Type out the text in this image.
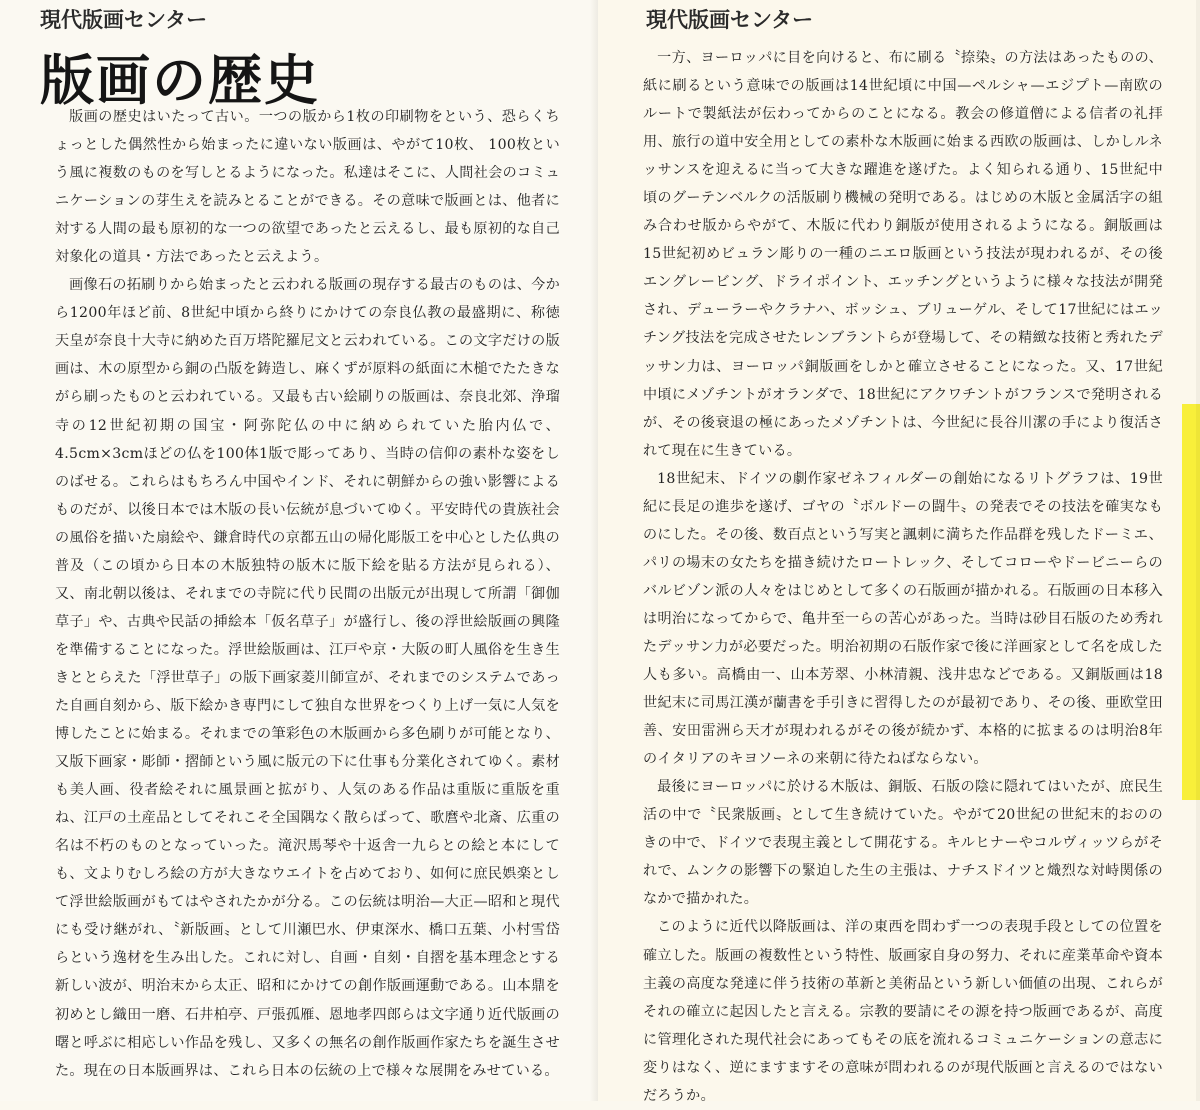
現代版画センター
版画の歴史

版画の歴史はいたって古い。一つの版から1枚の印刷物をという、恐らくちょっとした偶然性から始まったに違いない版画は、やがて10枚、 100枚という風に複数のものを写しとるようになった。私達はそこに、人間社会のコミュニケーションの芽生えを読みとることができる。その意味で版画とは、他者に対する人間の最も原初的な一つの欲望であったと云えるし、最も原初的な自己対象化の道具・方法であったと云えよう。

画像石の拓刷りから始まったと云われる版画の現存する最古のものは、今から1200年ほど前、8世紀中頃から終りにかけての奈良仏教の最盛期に、称徳天皇が奈良十大寺に納めた百万塔陀羅尼文と云われている。この文字だけの版画は、木の原型から銅の凸版を鋳造し、麻くずが原料の紙面に木槌でたたきながら刷ったものと云われている。又最も古い絵刷りの版画は、奈良北郊、浄瑠寺の12世紀初期の国宝・阿弥陀仏の中に納められていた胎内仏で、4.5cm×3cmほどの仏を100体1版で彫ってあり、当時の信仰の素朴な姿をしのばせる。これらはもちろん中国やインド、それに朝鮮からの強い影響によるものだが、以後日本では木版の長い伝統が息づいてゆく。平安時代の貴族社会の風俗を描いた扇絵や、鎌倉時代の京都五山の帰化彫版工を中心とした仏典の普及（この頃から日本の木版独特の版木に版下絵を貼る方法が見られる）、又、南北朝以後は、それまでの寺院に代り民間の出版元が出現して所謂「御伽草子」や、古典や民話の挿絵本「仮名草子」が盛行し、後の浮世絵版画の興隆を準備することになった。浮世絵版画は、江戸や京・大阪の町人風俗を生き生きととらえた「浮世草子」の版下画家菱川師宣が、それまでのシステムであった自画自刻から、版下絵かき専門にして独自な世界をつくり上げ一気に人気を博したことに始まる。それまでの筆彩色の木版画から多色刷りが可能となり、又版下画家・彫師・摺師という風に版元の下に仕事も分業化されてゆく。素材も美人画、役者絵それに風景画と拡がり、人気のある作品は重版に重版を重ね、江戸の土産品としてそれこそ全国隅なく散らばって、歌麿や北斎、広重の名は不朽のものとなっていった。滝沢馬琴や十返舎一九らとの絵と本にしても、文よりむしろ絵の方が大きなウエイトを占めており、如何に庶民娯楽として浮世絵版画がもてはやされたかが分る。この伝統は明治—大正—昭和と現代にも受け継がれ、〝新版画〟として川瀬巴水、伊東深水、橋口五葉、小村雪岱らという逸材を生み出した。これに対し、自画・自刻・自摺を基本理念とする新しい波が、明治末から太正、昭和にかけての創作版画運動である。山本鼎を初めとし織田一磨、石井柏亭、戸張孤雁、恩地孝四郎らは文字通り近代版画の曙と呼ぶに相応しい作品を残し、又多くの無名の創作版画作家たちを誕生させた。現在の日本版画界は、これら日本の伝統の上で様々な展開をみせている。

現代版画センター

一方、ヨーロッパに目を向けると、布に刷る〝捺染〟の方法はあったものの、紙に刷るという意味での版画は14世紀頃に中国—ペルシャ—エジプト—南欧のルートで製紙法が伝わってからのことになる。教会の修道僧による信者の礼拝用、旅行の道中安全用としての素朴な木版画に始まる西欧の版画は、しかしルネッサンスを迎えるに当って大きな躍進を遂げた。よく知られる通り、15世紀中頃のグーテンベルクの活版刷り機械の発明である。はじめの木版と金属活字の組み合わせ版からやがて、木版に代わり銅版が使用されるようになる。銅版画は15世紀初めビュラン彫りの一種のニエロ版画という技法が現われるが、その後エングレービング、ドライポイント、エッチングというように様々な技法が開発され、デューラーやクラナハ、ボッシュ、ブリューゲル、そして17世紀にはエッチング技法を完成させたレンブラントらが登場して、その精緻な技術と秀れたデッサン力は、ヨーロッパ銅版画をしかと確立させることになった。又、17世紀中頃にメゾチントがオランダで、18世紀にアクワチントがフランスで発明されるが、その後衰退の極にあったメゾチントは、今世紀に長谷川潔の手により復活されて現在に生きている。

18世紀末、ドイツの劇作家ゼネフィルダーの創始になるリトグラフは、19世紀に長足の進歩を遂げ、ゴヤの〝ボルドーの闘牛〟の発表でその技法を確実なものにした。その後、数百点という写実と諷刺に満ちた作品群を残したドーミエ、パリの場末の女たちを描き続けたロートレック、そしてコローやドービニーらのバルビゾン派の人々をはじめとして多くの石版画が描かれる。石版画の日本移入は明治になってからで、亀井至一らの苦心があった。当時は砂目石版のため秀れたデッサン力が必要だった。明治初期の石版作家で後に洋画家として名を成した人も多い。高橋由一、山本芳翠、小林清親、浅井忠などである。又銅版画は18世紀末に司馬江漢が蘭書を手引きに習得したのが最初であり、その後、亜欧堂田善、安田雷洲ら天才が現われるがその後が続かず、本格的に拡まるのは明治8年のイタリアのキヨソーネの来朝に待たねばならない。

最後にヨーロッパに於ける木版は、銅版、石版の陰に隠れてはいたが、庶民生活の中で〝民衆版画〟として生き続けていた。やがて20世紀の世紀末的おののきの中で、ドイツで表現主義として開花する。キルヒナーやコルヴィッツらがそれで、ムンクの影響下の緊迫した生の主張は、ナチスドイツと熾烈な対峙関係のなかで描かれた。

このように近代以降版画は、洋の東西を問わず一つの表現手段としての位置を確立した。版画の複数性という特性、版画家自身の努力、それに産業革命や資本主義の高度な発達に伴う技術の革新と美術品という新しい価値の出現、これらがそれの確立に起因したと言える。宗教的要請にその源を持つ版画であるが、高度に管理化された現代社会にあってもその底を流れるコミュニケーションの意志に変りはなく、逆にますますその意味が問われるのが現代版画と言えるのではないだろうか。
